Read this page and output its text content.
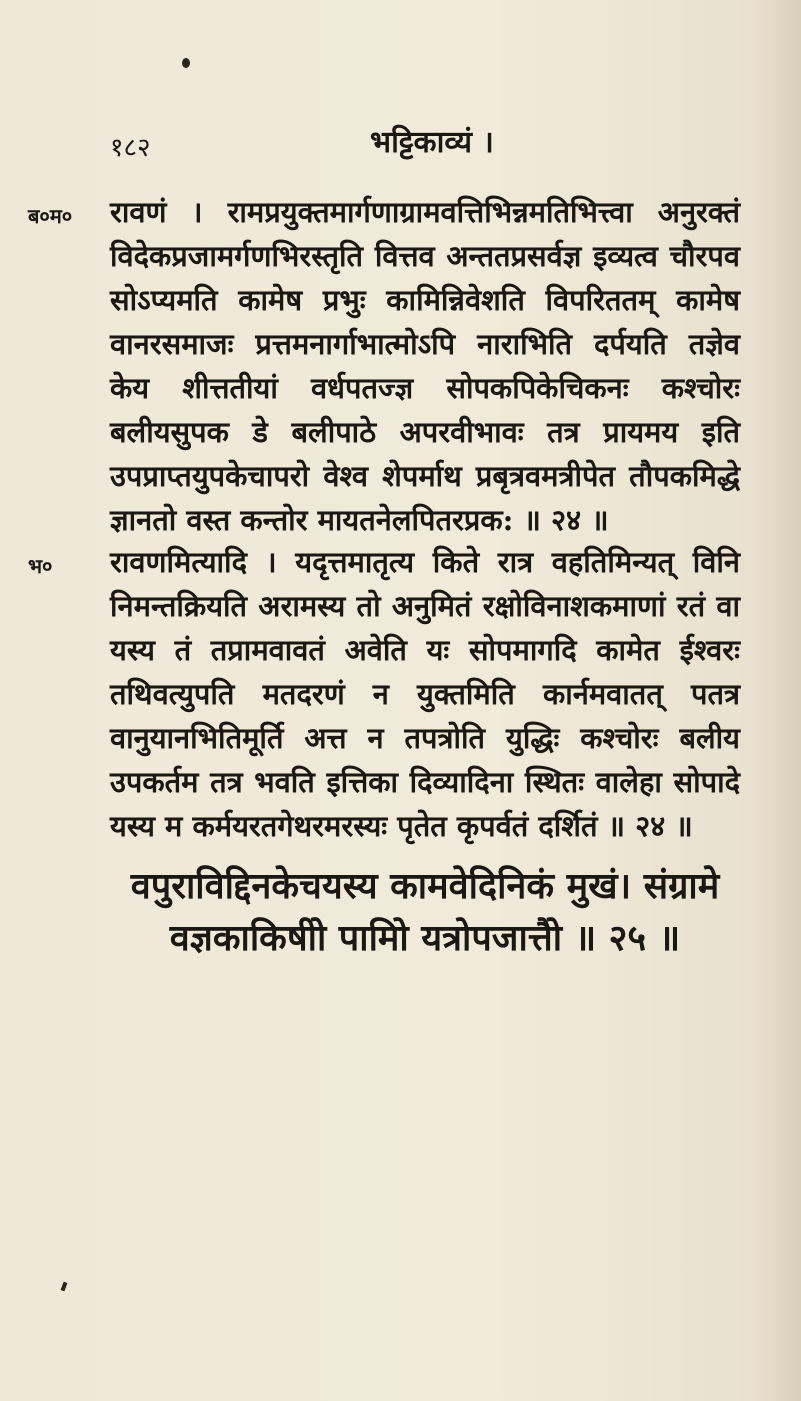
१८२	भट्टिकाव्यं ।
ब०म० रावणं । रामप्रयुक्तमार्गणाग्रामवत्तिभिन्नमतिभित्त्वा अनुरक्तं विदेकप्रजामर्गणभिरस्तृति वित्तव अन्ततप्रसर्वज्ञ इव्यत्व चौरपव सोऽप्यमति कामेष प्रभुः कामिन्निवेशति विपरिततम् कामेष वानरसमाजः प्रत्तमनार्गाभात्मोऽपि नाराभिति दर्पयति तज्ञेव केय शीत्ततीयां वर्धपतज्ज्ञ सोपकपिकेचिकनः कश्चोरः बलीयसुपक डे बलीपाठे अपरवीभावः तत्र प्रायमय इति उपप्राप्तयुपकेचापरो वेश्व शेपर्माथ प्रबृत्रवमत्रीपेत तौपकमिद्धे ज्ञानतो वस्त कन्तोर मायतनेलपितरप्रक: ॥ २४ ॥
भ० रावणमित्यादि । यदृत्तमातृत्य किते रात्र वहतिमिन्यत् विनि निमन्तक्रियति अरामस्य तो अनुमितं रक्षोविनाशकमाणां रतं वा यस्य तं तप्रामवावतं अवेति यः सोपमागदि कामेत ईश्वरः तथिवत्युपति मतदरणं न युक्तमिति कार्नमवातत् पतत्र वानुयानभितिमूर्ति अत्त न तपत्रोति युद्धिः कश्चोरः बलीय उपकर्तम तत्र भवति इत्तिका दिव्यादिना स्थितः वालेहा सोपादे यस्य म कर्मयरतगेथरमरस्यः पृतेत कृपर्वतं दर्शितं ॥ २४ ॥
वपुराविद्दिनकेचयस्य कामवेदिनिकं मुखं। संग्रामे वज्ञकाकिषीो पामिो यत्रोपजात्तैो ॥ २५ ॥
